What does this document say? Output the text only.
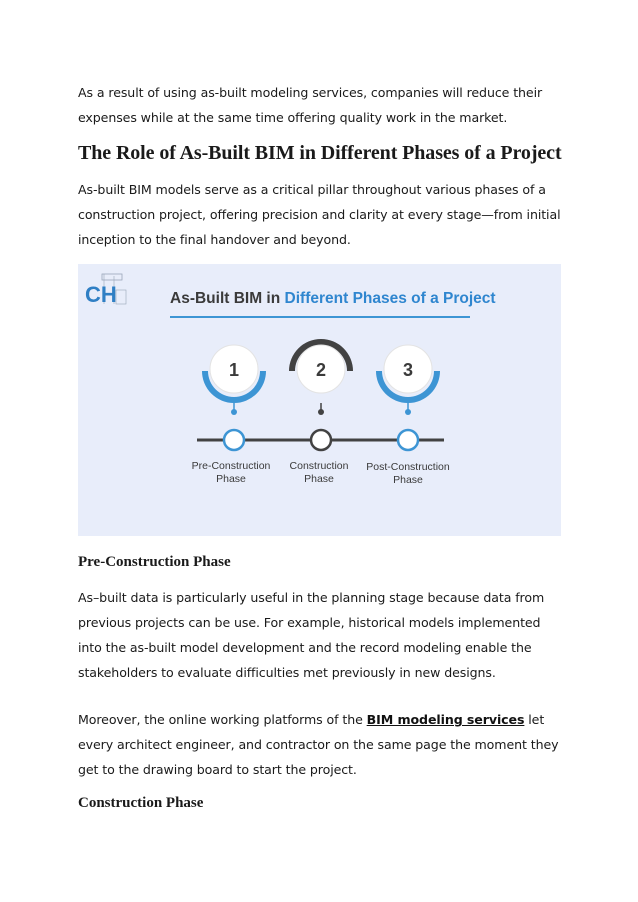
As a result of using as-built modeling services, companies will reduce their expenses while at the same time offering quality work in the market.

The Role of As-Built BIM in Different Phases of a Project

As-built BIM models serve as a critical pillar throughout various phases of a construction project, offering precision and clarity at every stage—from initial inception to the final handover and beyond.

CH	As-Built BIM in Different Phases of a Project
1
Pre-Construction
Phase
2
Construction
Phase
3
Post-Construction
Phase
Pre-Construction Phase

As–built data is particularly useful in the planning stage because data from previous projects can be use. For example, historical models implemented into the as-built model development and the record modeling enable the stakeholders to evaluate difficulties met previously in new designs.

Moreover, the online working platforms of the BIM modeling services let every architect engineer, and contractor on the same page the moment they get to the drawing board to start the project.

Construction Phase
